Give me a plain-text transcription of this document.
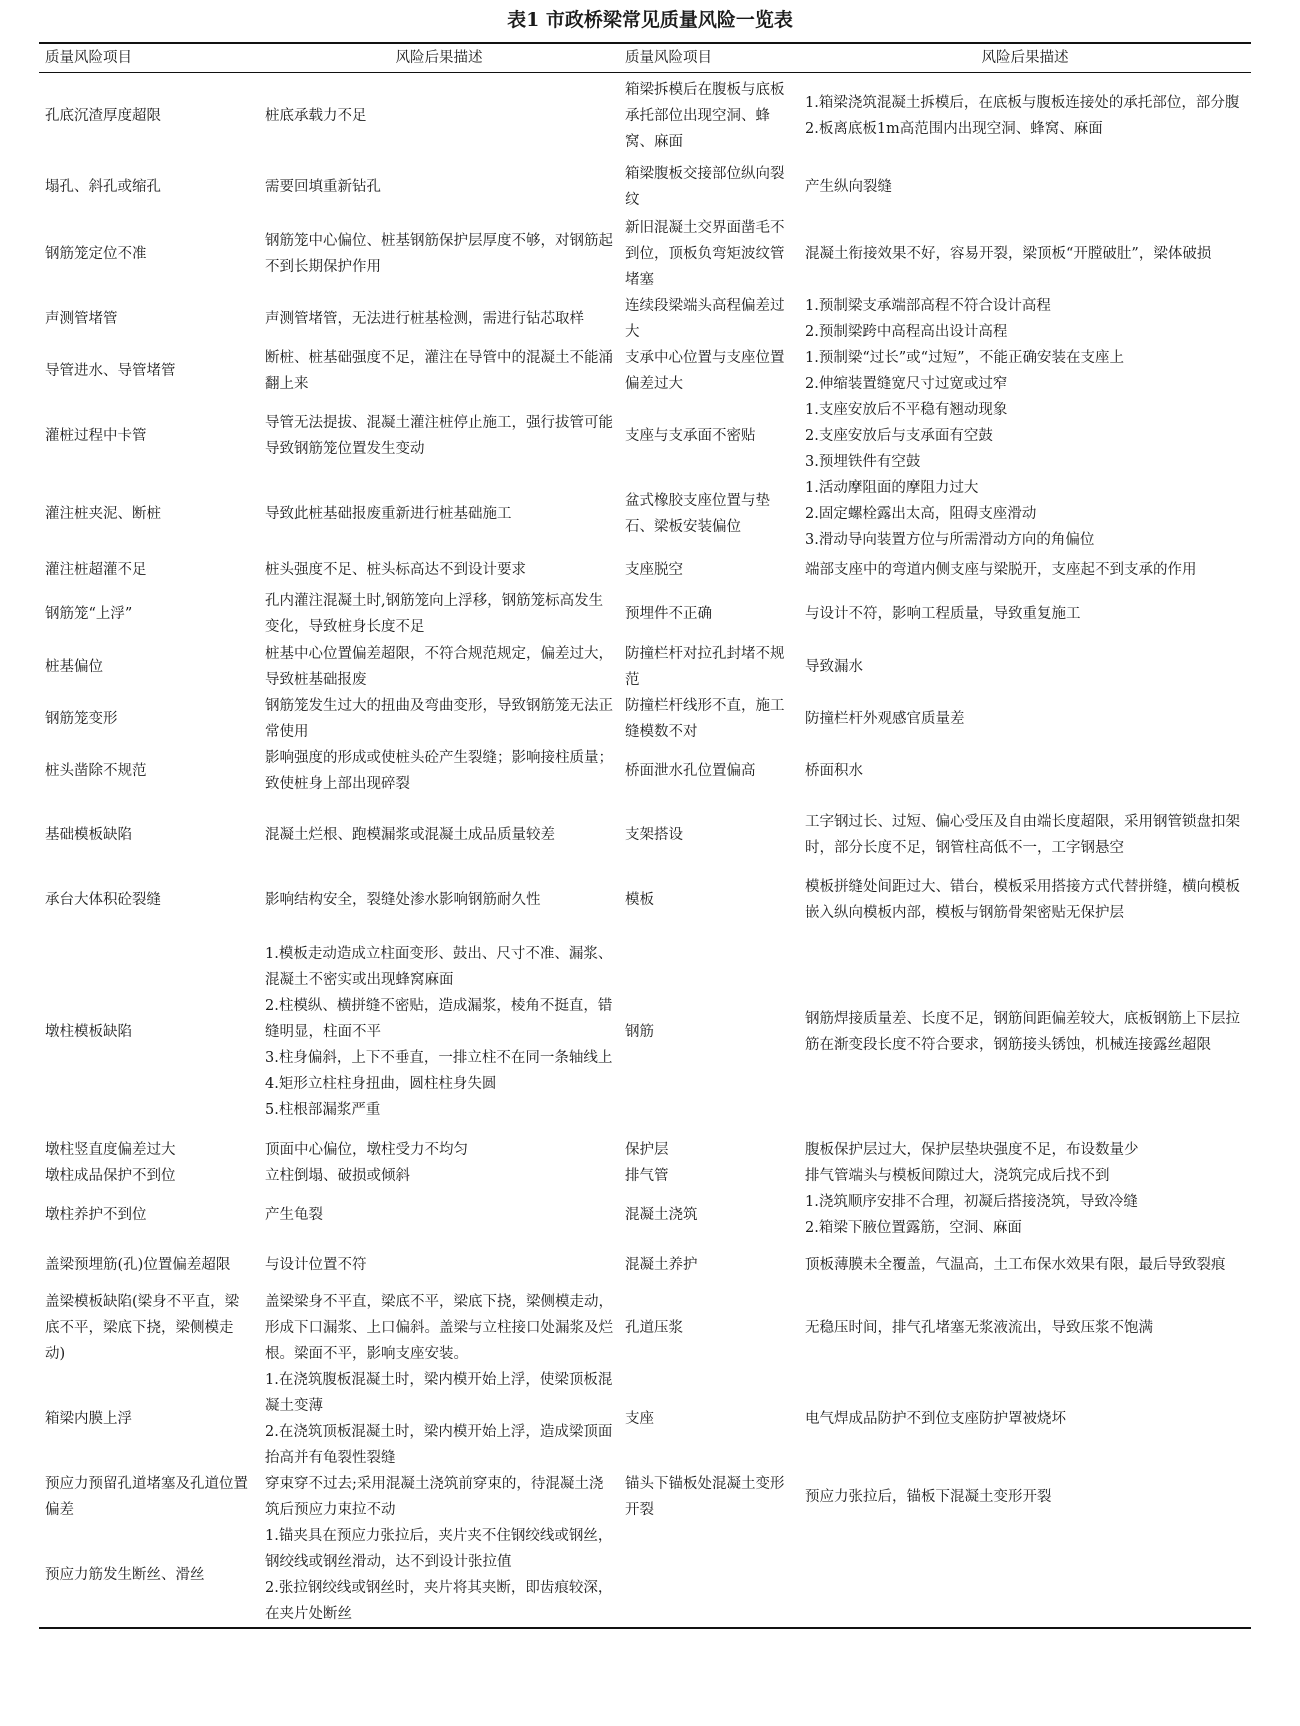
表1 市政桥梁常见质量风险一览表
质量风险项目	风险后果描述	质量风险项目	风险后果描述
孔底沉渣厚度超限	桩底承载力不足	箱梁拆模后在腹板与底板承托部位出现空洞、蜂窝、麻面	1.箱梁浇筑混凝土拆模后，在底板与腹板连接处的承托部位，部分腹
2.板离底板1m高范围内出现空洞、蜂窝、麻面

塌孔、斜孔或缩孔	需要回填重新钻孔	箱梁腹板交接部位纵向裂纹	产生纵向裂缝

钢筋笼定位不准	钢筋笼中心偏位、桩基钢筋保护层厚度不够，对钢筋起不到长期保护作用	新旧混凝土交界面凿毛不到位，顶板负弯矩波纹管堵塞	混凝土衔接效果不好，容易开裂，梁顶板“开膛破肚”，梁体破损

声测管堵管	声测管堵管，无法进行桩基检测，需进行钻芯取样	连续段梁端头高程偏差过大	1.预制梁支承端部高程不符合设计高程
2.预制梁跨中高程高出设计高程

导管进水、导管堵管	断桩、桩基础强度不足，灌注在导管中的混凝土不能涌翻上来	支承中心位置与支座位置偏差过大	1.预制梁“过长”或“过短”，不能正确安装在支座上
2.伸缩装置缝宽尺寸过宽或过窄

灌桩过程中卡管	导管无法提拔、混凝土灌注桩停止施工，强行拔管可能导致钢筋笼位置发生变动	支座与支承面不密贴	1.支座安放后不平稳有翘动现象
2.支座安放后与支承面有空鼓
3.预埋铁件有空鼓

灌注桩夹泥、断桩	导致此桩基础报废重新进行桩基础施工	盆式橡胶支座位置与垫石、梁板安装偏位	1.活动摩阻面的摩阻力过大
2.固定螺栓露出太高，阻碍支座滑动
3.滑动导向装置方位与所需滑动方向的角偏位

灌注桩超灌不足	桩头强度不足、桩头标高达不到设计要求	支座脱空	端部支座中的弯道内侧支座与梁脱开，支座起不到支承的作用

钢筋笼“上浮”	孔内灌注混凝土时,钢筋笼向上浮移，钢筋笼标高发生变化，导致桩身长度不足	预埋件不正确	与设计不符，影响工程质量，导致重复施工

桩基偏位	桩基中心位置偏差超限，不符合规范规定，偏差过大，导致桩基础报废	防撞栏杆对拉孔封堵不规范	导致漏水

钢筋笼变形	钢筋笼发生过大的扭曲及弯曲变形，导致钢筋笼无法正常使用	防撞栏杆线形不直，施工缝模数不对	防撞栏杆外观感官质量差

桩头凿除不规范	影响强度的形成或使桩头砼产生裂缝；影响接柱质量；致使桩身上部出现碎裂	桥面泄水孔位置偏高	桥面积水

基础模板缺陷	混凝土烂根、跑模漏浆或混凝土成品质量较差	支架搭设	工字钢过长、过短、偏心受压及自由端长度超限，采用钢管锁盘扣架时，部分长度不足，钢管柱高低不一，工字钢悬空

承台大体积砼裂缝	影响结构安全，裂缝处渗水影响钢筋耐久性	模板	模板拼缝处间距过大、错台，模板采用搭接方式代替拼缝，横向模板嵌入纵向模板内部，模板与钢筋骨架密贴无保护层

墩柱模板缺陷	1.模板走动造成立柱面变形、鼓出、尺寸不准、漏浆、混凝土不密实或出现蜂窝麻面
2.柱模纵、横拼缝不密贴，造成漏浆，棱角不挺直，错缝明显，柱面不平
3.柱身偏斜，上下不垂直，一排立柱不在同一条轴线上
4.矩形立柱柱身扭曲，圆柱柱身失圆
5.柱根部漏浆严重	钢筋	钢筋焊接质量差、长度不足，钢筋间距偏差较大，底板钢筋上下层拉筋在渐变段长度不符合要求，钢筋接头锈蚀，机械连接露丝超限

墩柱竖直度偏差过大	顶面中心偏位，墩柱受力不均匀	保护层	腹板保护层过大，保护层垫块强度不足，布设数量少

墩柱成品保护不到位	立柱倒塌、破损或倾斜	排气管	排气管端头与模板间隙过大，浇筑完成后找不到

墩柱养护不到位	产生龟裂	混凝土浇筑	1.浇筑顺序安排不合理，初凝后搭接浇筑，导致冷缝
2.箱梁下腋位置露筋，空洞、麻面

盖梁预埋筋(孔)位置偏差超限	与设计位置不符	混凝土养护	顶板薄膜未全覆盖，气温高，土工布保水效果有限，最后导致裂痕

盖梁模板缺陷(梁身不平直，梁底不平，梁底下挠，梁侧模走动)	盖梁梁身不平直，梁底不平，梁底下挠，梁侧模走动，形成下口漏浆、上口偏斜。盖梁与立柱接口处漏浆及烂根。梁面不平，影响支座安装。	孔道压浆	无稳压时间，排气孔堵塞无浆液流出，导致压浆不饱满

箱梁内膜上浮	1.在浇筑腹板混凝土时，梁内模开始上浮，使梁顶板混凝土变薄
2.在浇筑顶板混凝土时，梁内模开始上浮，造成梁顶面抬高并有龟裂性裂缝	支座	电气焊成品防护不到位支座防护罩被烧坏

预应力预留孔道堵塞及孔道位置偏差	穿束穿不过去;采用混凝土浇筑前穿束的，待混凝土浇筑后预应力束拉不动	锚头下锚板处混凝土变形开裂	预应力张拉后，锚板下混凝土变形开裂

预应力筋发生断丝、滑丝	1.锚夹具在预应力张拉后，夹片夹不住钢绞线或钢丝，钢绞线或钢丝滑动，达不到设计张拉值
2.张拉钢绞线或钢丝时，夹片将其夹断，即齿痕较深，在夹片处断丝		
